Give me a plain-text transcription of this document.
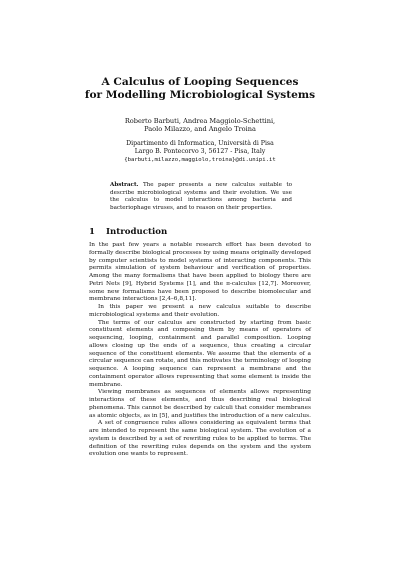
A Calculus of Looping Sequences
for Modelling Microbiological Systems
Roberto Barbuti, Andrea Maggiolo-Schettini,
Paolo Milazzo, and Angelo Troina
Dipartimento di Informatica, Università di Pisa
Largo B. Pontecorvo 3, 56127 - Pisa, Italy
{barbuti,milazzo,maggiolo,troina}@di.unipi.it
Abstract. The paper presents a new calculus suitable to describe microbiological systems and their evolution. We use the calculus to model interactions among bacteria and bacteriophage viruses, and to reason on their properties.
1 Introduction

In the past few years a notable research effort has been devoted to formally describe biological processes by using means originally developed by computer scientists to model systems of interacting components. This permits simulation of system behaviour and verification of properties. Among the many formalisms that have been applied to biology there are Petri Nets [9], Hybrid Systems [1], and the π-calculus [12,7]. Moreover, some new formalisms have been proposed to describe biomolecular and membrane interactions [2,4–6,8,11].

In this paper we present a new calculus suitable to describe microbiological systems and their evolution.

The terms of our calculus are constructed by starting from basic constituent elements and composing them by means of operators of sequencing, looping, containment and parallel composition. Looping allows closing up the ends of a sequence, thus creating a circular sequence of the constituent elements. We assume that the elements of a circular sequence can rotate, and this motivates the terminology of looping sequence. A looping sequence can represent a membrane and the containment operator allows representing that some element is inside the membrane.

Viewing membranes as sequences of elements allows representing interactions of these elements, and thus describing real biological phenomena. This cannot be described by calculi that consider membranes as atomic objects, as in [5], and justifies the introduction of a new calculus.

A set of congruence rules allows considering as equivalent terms that are intended to represent the same biological system. The evolution of a system is described by a set of rewriting rules to be applied to terms. The definition of the rewriting rules depends on the system and the system evolution one wants to represent.
